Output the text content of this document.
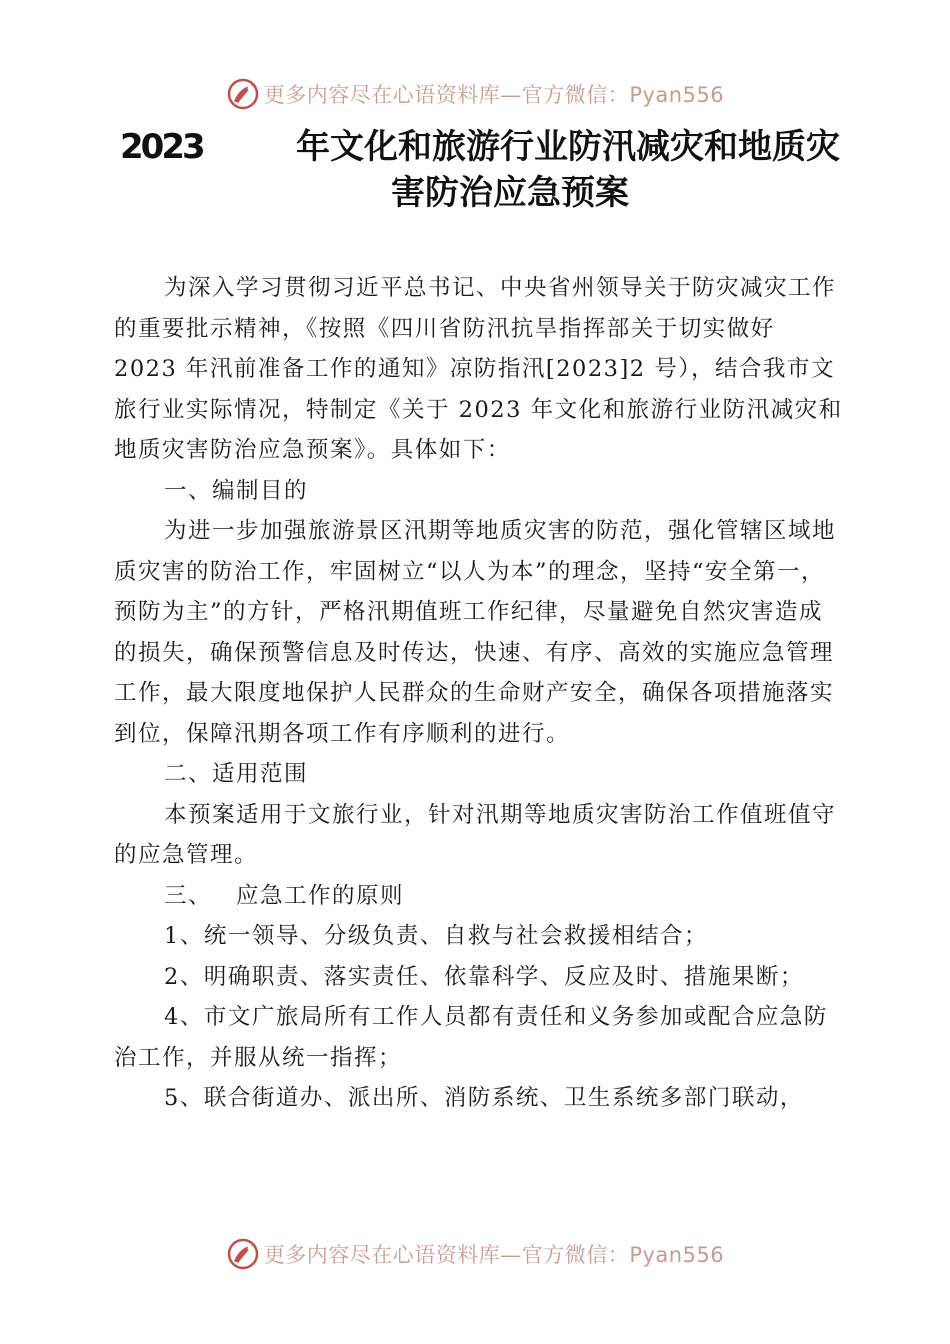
更多内容尽在心语资料库—官方微信：Pyan556
2023	年文化和旅游行业防汛减灾和地质灾
害防治应急预案

为深入学习贯彻习近平总书记、中央省州领导关于防灾减灾工作的重要批示精神，《按照《四川省防汛抗旱指挥部关于切实做好 2023 年汛前准备工作的通知》凉防指汛[2023]2 号），结合我市文

旅行业实际情况，特制定《关于 2023 年文化和旅游行业防汛减灾和地质灾害防治应急预案》。具体如下：

一、编制目的

为进一步加强旅游景区汛期等地质灾害的防范，强化管辖区域地质灾害的防治工作，牢固树立“以人为本”的理念，坚持“安全第一，预防为主”的方针，严格汛期值班工作纪律，尽量避免自然灾害造成的损失，确保预警信息及时传达，快速、有序、高效的实施应急管理工作，最大限度地保护人民群众的生命财产安全，确保各项措施落实到位，保障汛期各项工作有序顺利的进行。

二、适用范围

本预案适用于文旅行业，针对汛期等地质灾害防治工作值班值守的应急管理。

三、 应急工作的原则

1、统一领导、分级负责、自救与社会救援相结合；

2、明确职责、落实责任、依靠科学、反应及时、措施果断；

4、市文广旅局所有工作人员都有责任和义务参加或配合应急防治工作，并服从统一指挥；

5、联合街道办、派出所、消防系统、卫生系统多部门联动，

更多内容尽在心语资料库—官方微信：Pyan556
